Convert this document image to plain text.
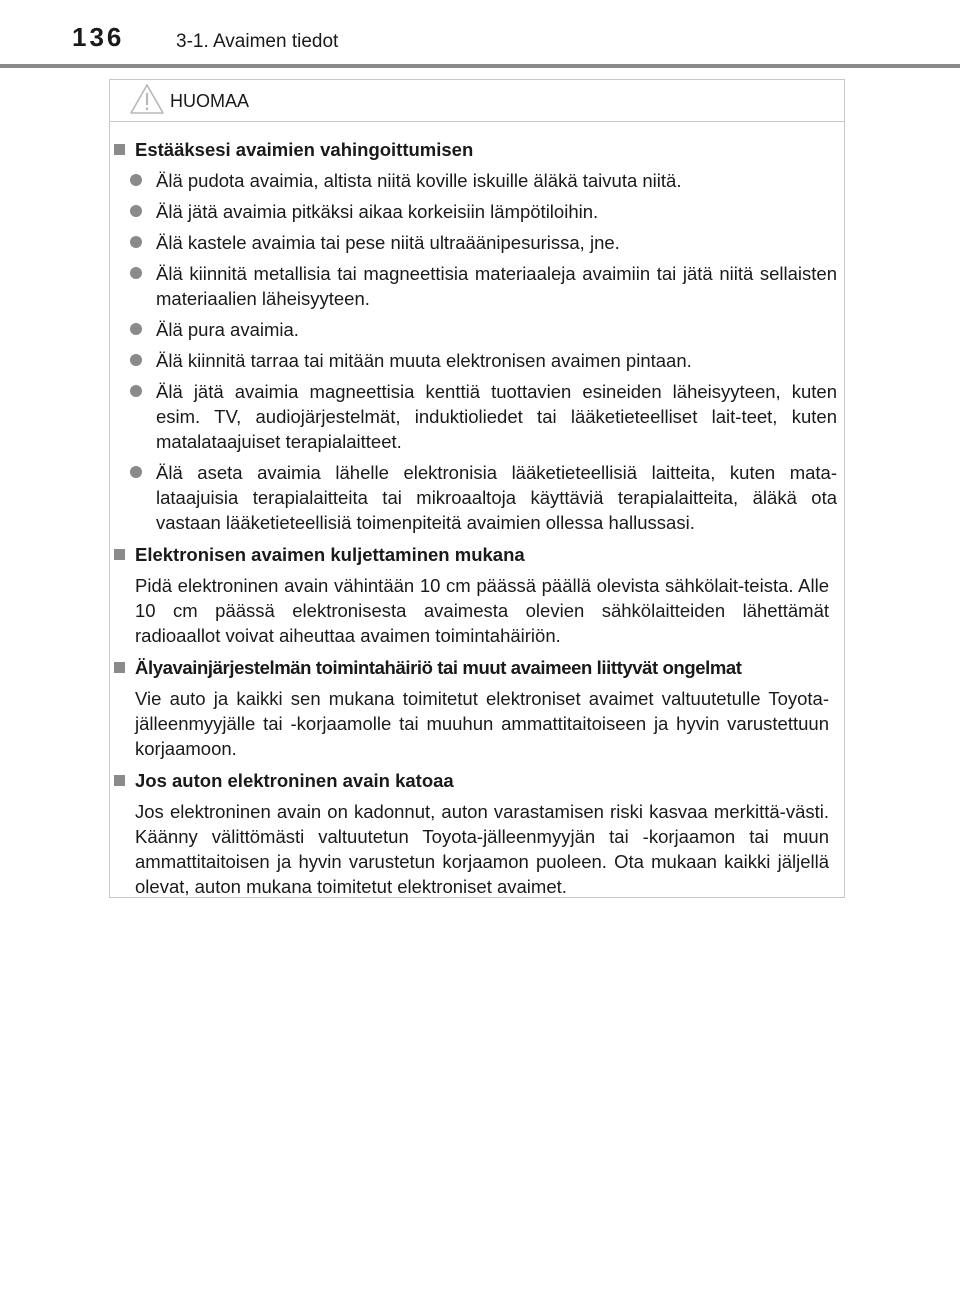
136	3-1. Avaimen tiedot
HUOMAA
Estääksesi avaimien vahingoittumisen
Älä pudota avaimia, altista niitä koville iskuille äläkä taivuta niitä.
Älä jätä avaimia pitkäksi aikaa korkeisiin lämpötiloihin.
Älä kastele avaimia tai pese niitä ultraäänipesurissa, jne.
Älä kiinnitä metallisia tai magneettisia materiaaleja avaimiin tai jätä niitä sellaisten materiaalien läheisyyteen.
Älä pura avaimia.
Älä kiinnitä tarraa tai mitään muuta elektronisen avaimen pintaan.
Älä jätä avaimia magneettisia kenttiä tuottavien esineiden läheisyyteen, kuten esim. TV, audiojärjestelmät, induktioliedet tai lääketieteelliset lait-teet, kuten matalataajuiset terapialaitteet.
Älä aseta avaimia lähelle elektronisia lääketieteellisiä laitteita, kuten mata-lataajuisia terapialaitteita tai mikroaaltoja käyttäviä terapialaitteita, äläkä ota vastaan lääketieteellisiä toimenpiteitä avaimien ollessa hallussasi.
Elektronisen avaimen kuljettaminen mukana
Pidä elektroninen avain vähintään 10 cm päässä päällä olevista sähkölait-teista. Alle 10 cm päässä elektronisesta avaimesta olevien sähkölaitteiden lähettämät radioaallot voivat aiheuttaa avaimen toimintahäiriön.
Älyavainjärjestelmän toimintahäiriö tai muut avaimeen liittyvät ongelmat
Vie auto ja kaikki sen mukana toimitetut elektroniset avaimet valtuutetulle Toyota-jälleenmyyjälle tai -korjaamolle tai muuhun ammattitaitoiseen ja hyvin varustettuun korjaamoon.
Jos auton elektroninen avain katoaa
Jos elektroninen avain on kadonnut, auton varastamisen riski kasvaa merkittä-västi. Käänny välittömästi valtuutetun Toyota-jälleenmyyjän tai -korjaamon tai muun ammattitaitoisen ja hyvin varustetun korjaamon puoleen. Ota mukaan kaikki jäljellä olevat, auton mukana toimitetut elektroniset avaimet.
